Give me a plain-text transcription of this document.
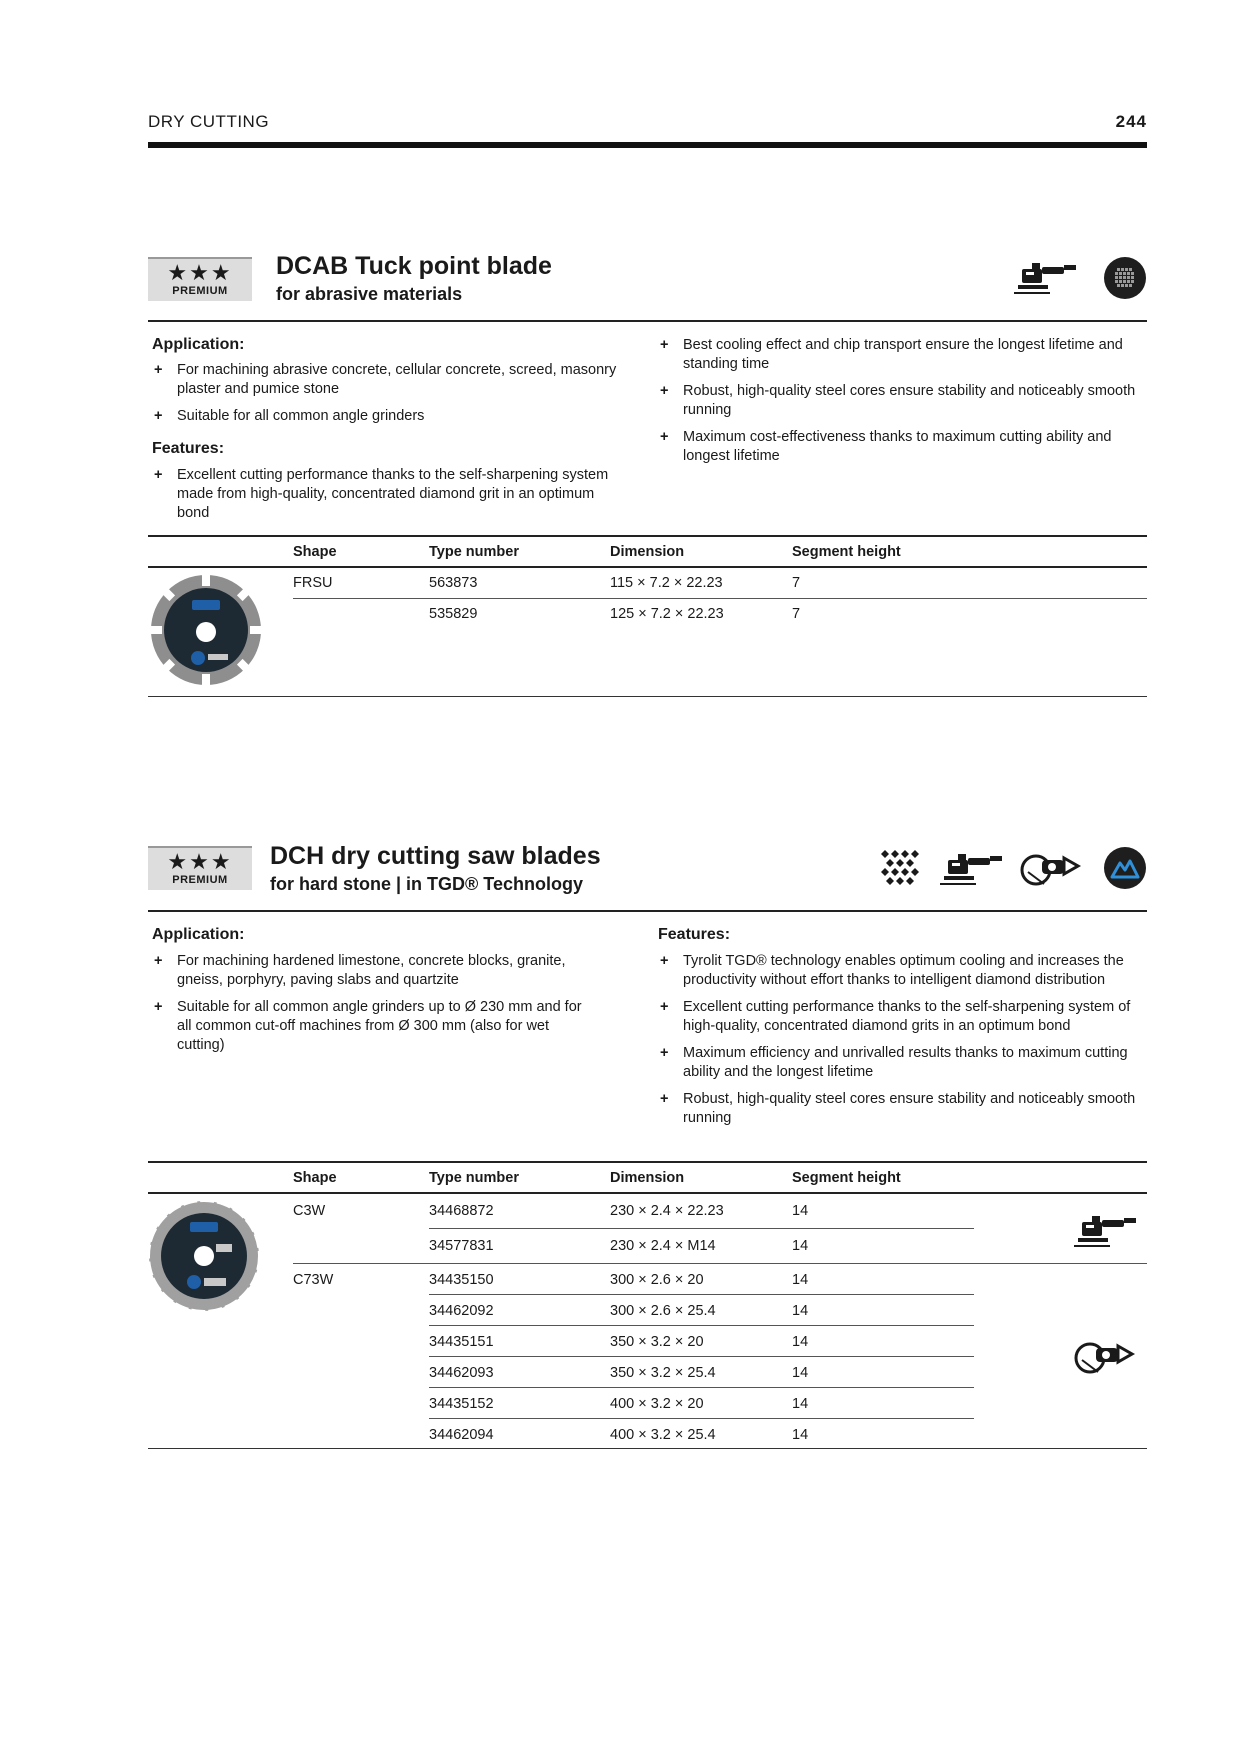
DRY CUTTING	244
★★★
PREMIUM
DCAB Tuck point blade
for abrasive materials
Application:
+ For machining abrasive concrete, cellular concrete, screed, masonry plaster and pumice stone
+ Suitable for all common angle grinders
Features:
+ Excellent cutting performance thanks to the self-sharpening system made from high-quality, concentrated diamond grit in an optimum bond
+ Best cooling effect and chip transport ensure the longest lifetime and standing time
+ Robust, high-quality steel cores ensure stability and noticeably smooth running
+ Maximum cost-effectiveness thanks to maximum cutting ability and longest lifetime
Shape	Type number	Dimension	Segment height
FRSU	563873	115 × 7.2 × 22.23	7
535829	125 × 7.2 × 22.23	7
★★★
PREMIUM
DCH dry cutting saw blades
for hard stone | in TGD® Technology
Application:
+ For machining hardened limestone, concrete blocks, granite, gneiss, porphyry, paving slabs and quartzite
+ Suitable for all common angle grinders up to Ø 230 mm and for all common cut-off machines from Ø 300 mm (also for wet cutting)
Features:
+ Tyrolit TGD® technology enables optimum cooling and increases the productivity without effort thanks to intelligent diamond distribution
+ Excellent cutting performance thanks to the self-sharpening system of high-quality, concentrated diamond grits in an optimum bond
+ Maximum efficiency and unrivalled results thanks to maximum cutting ability and the longest lifetime
+ Robust, high-quality steel cores ensure stability and noticeably smooth running
Shape	Type number	Dimension	Segment height
C3W	34468872	230 × 2.4 × 22.23	14
34577831	230 × 2.4 × M14	14
C73W	34435150	300 × 2.6 × 20	14
34462092	300 × 2.6 × 25.4	14
34435151	350 × 3.2 × 20	14
34462093	350 × 3.2 × 25.4	14
34435152	400 × 3.2 × 20	14
34462094	400 × 3.2 × 25.4	14
